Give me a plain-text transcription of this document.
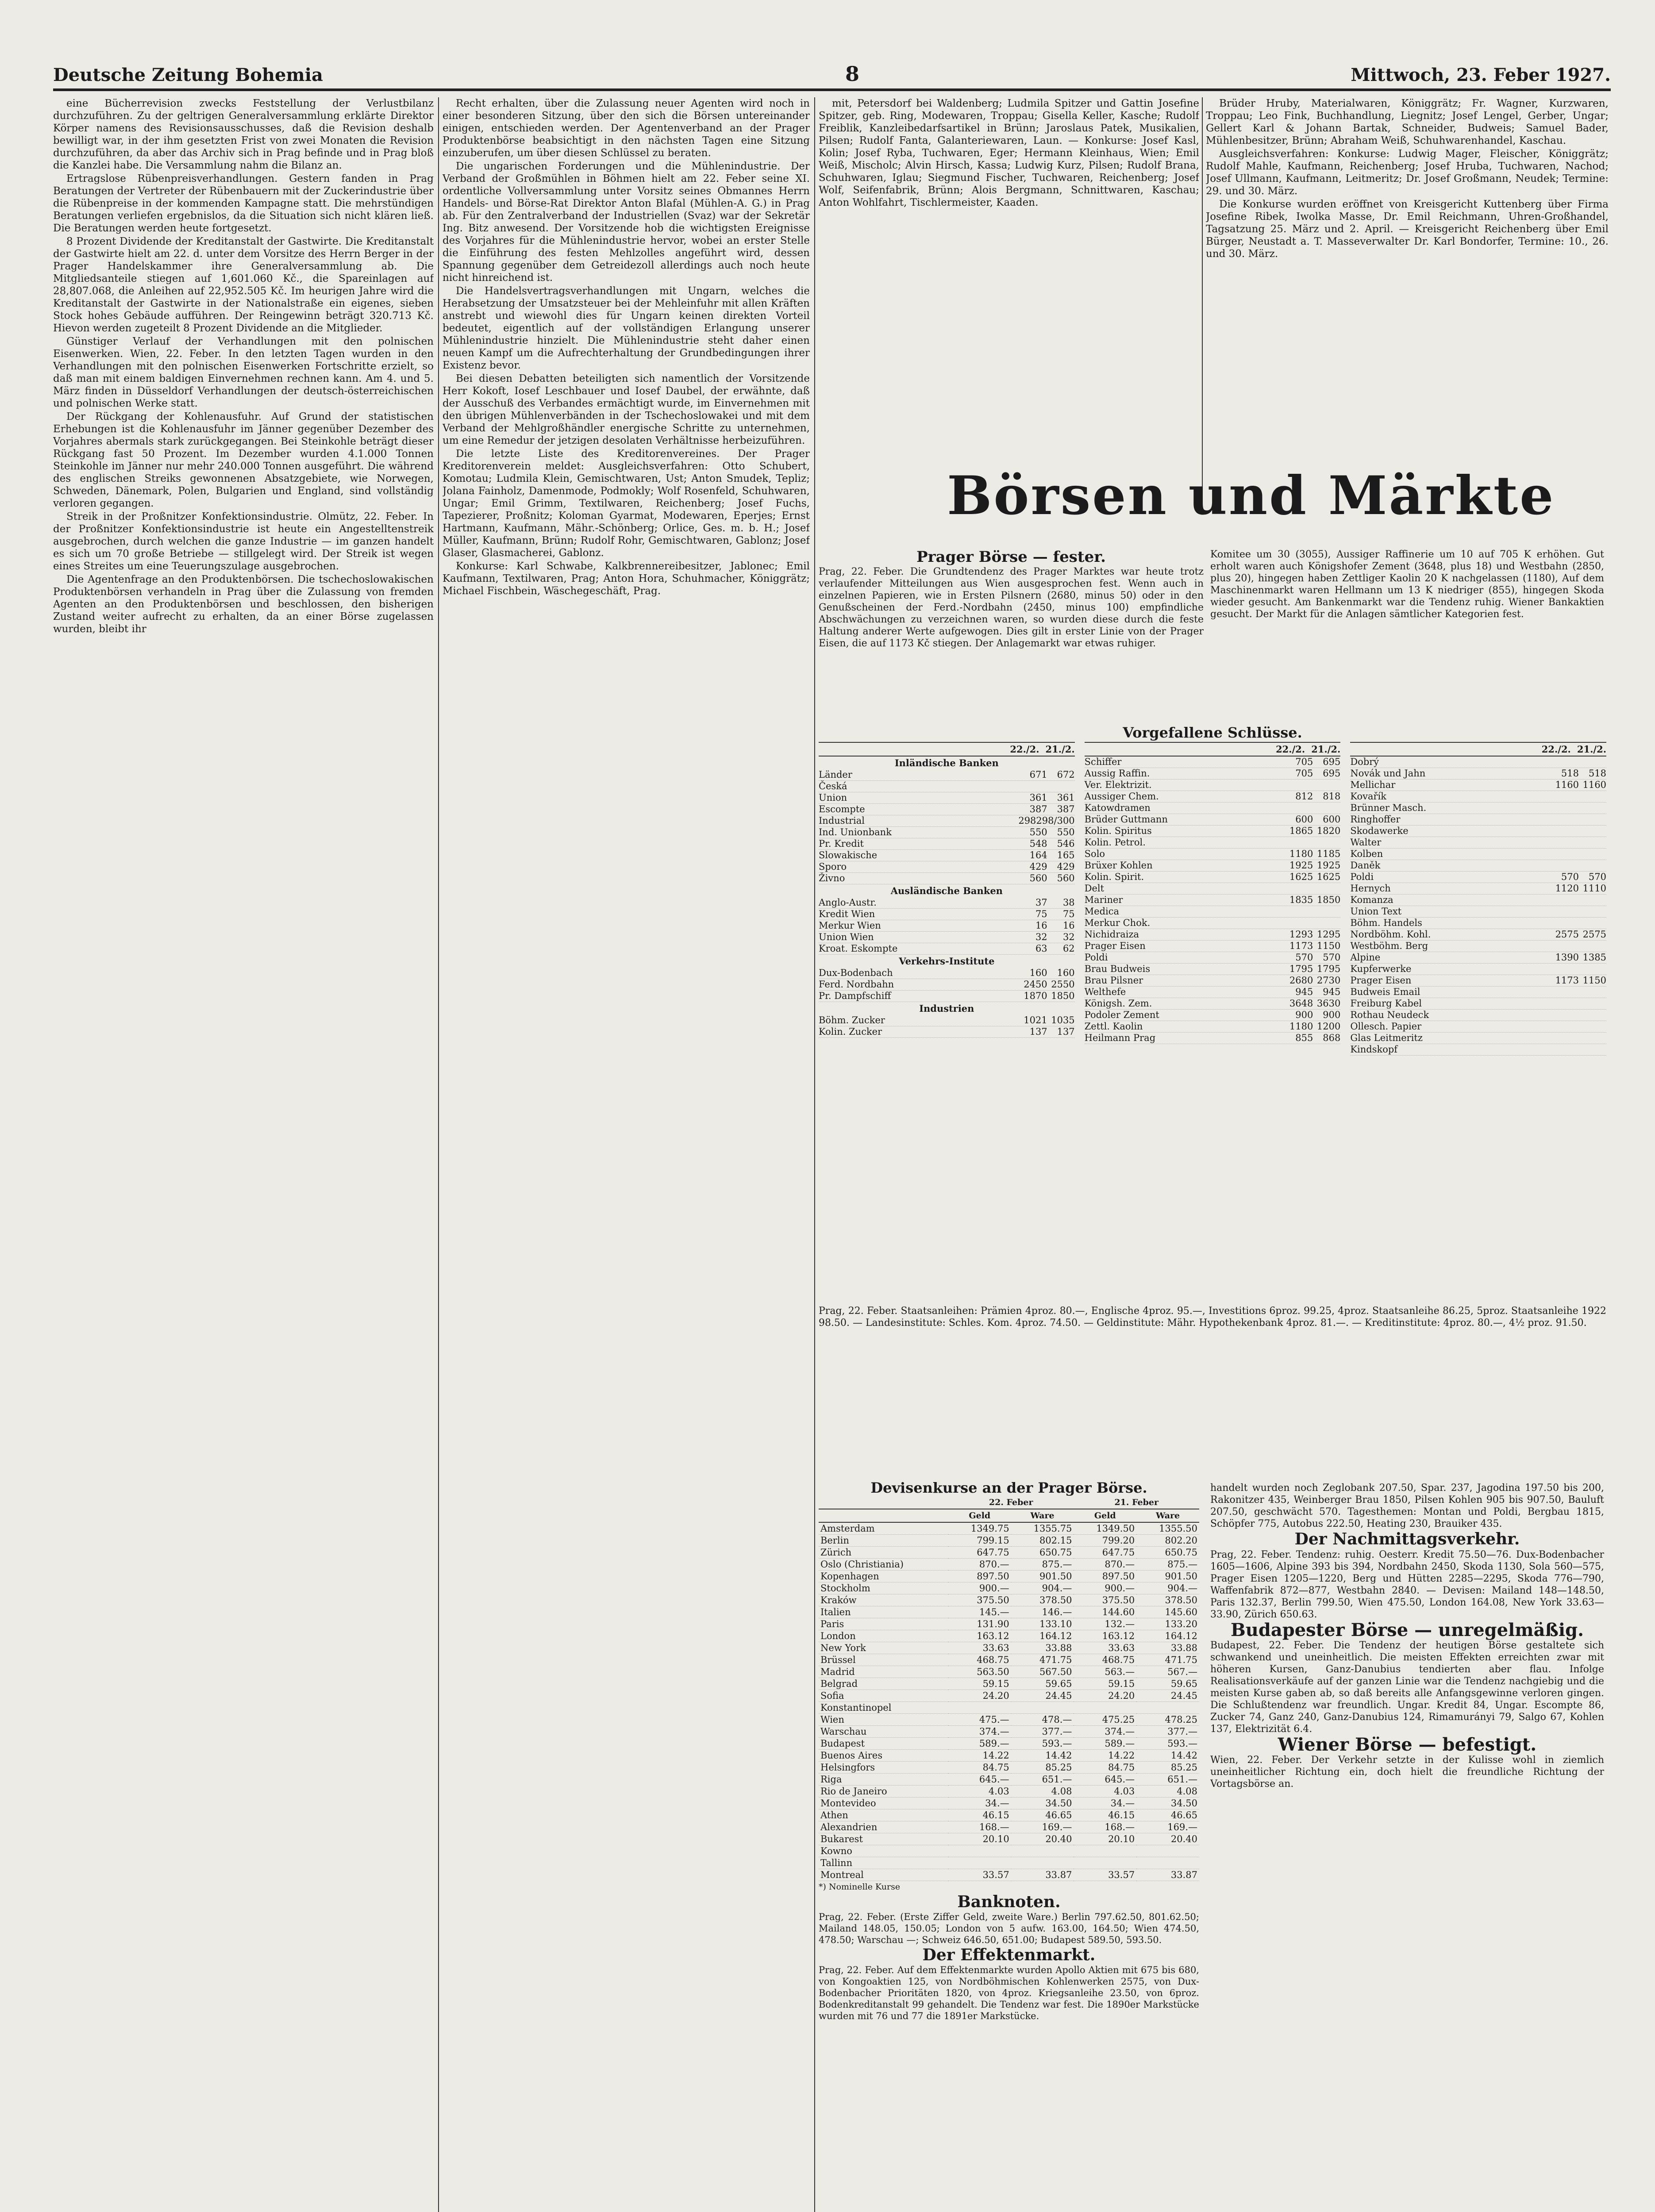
Deutsche Zeitung Bohemia	8	Mittwoch, 23. Feber 1927.

eine Bücherrevision zwecks Feststellung der Verlustbilanz durchzuführen. Zu der geltrigen Generalversammlung erklärte Direktor Körper namens des Revisionsausschusses, daß die Revision deshalb bewilligt war, in der ihm gesetzten Frist von zwei Monaten die Revision durchzuführen, da aber das Archiv sich in Prag befinde und in Prag bloß die Kanzlei habe. Die Versammlung nahm die Bilanz an.

Ertragslose Rübenpreisverhandlungen. Gestern fanden in Prag Beratungen der Vertreter der Rübenbauern mit der Zuckerindustrie über die Rübenpreise in der kommenden Kampagne statt. Die mehrstündigen Beratungen verliefen ergebnislos, da die Situation sich nicht klären ließ. Die Beratungen werden heute fortgesetzt.

8 Prozent Dividende der Kreditanstalt der Gastwirte. Die Kreditanstalt der Gastwirte hielt am 22. d. unter dem Vorsitze des Herrn Berger in der Prager Handelskammer ihre Generalversammlung ab. Die Mitgliedsanteile stiegen auf 1,601.060 Kč., die Spareinlagen auf 28,807.068, die Anleihen auf 22,952.505 Kč. Im heurigen Jahre wird die Kreditanstalt der Gastwirte in der Nationalstraße ein eigenes, sieben Stock hohes Gebäude aufführen. Der Reingewinn beträgt 320.713 Kč. Hievon werden zugeteilt 8 Prozent Dividende an die Mitglieder.

Günstiger Verlauf der Verhandlungen mit den polnischen Eisenwerken. Wien, 22. Feber. In den letzten Tagen wurden in den Verhandlungen mit den polnischen Eisenwerken Fortschritte erzielt, so daß man mit einem baldigen Einvernehmen rechnen kann. Am 4. und 5. März finden in Düsseldorf Verhandlungen der deutsch-österreichischen und polnischen Werke statt.

Der Rückgang der Kohlenausfuhr. Auf Grund der statistischen Erhebungen ist die Kohlenausfuhr im Jänner gegenüber Dezember des Vorjahres abermals stark zurückgegangen. Bei Steinkohle beträgt dieser Rückgang fast 50 Prozent. Im Dezember wurden 4.1.000 Tonnen Steinkohle im Jänner nur mehr 240.000 Tonnen ausgeführt. Die während des englischen Streiks gewonnenen Absatzgebiete, wie Norwegen, Schweden, Dänemark, Polen, Bulgarien und England, sind vollständig verloren gegangen.

Streik in der Proßnitzer Konfektionsindustrie. Olmütz, 22. Feber. In der Proßnitzer Konfektionsindustrie ist heute ein Angestelltenstreik ausgebrochen, durch welchen die ganze Industrie — im ganzen handelt es sich um 70 große Betriebe — stillgelegt wird. Der Streik ist wegen eines Streites um eine Teuerungszulage ausgebrochen.

Die Agentenfrage an den Produktenbörsen. Die tschechoslowakischen Produktenbörsen verhandeln in Prag über die Zulassung von fremden Agenten an den Produktenbörsen und beschlossen, den bisherigen Zustand weiter aufrecht zu erhalten, da an einer Börse zugelassen wurden, bleibt ihr

Recht erhalten, über die Zulassung neuer Agenten wird noch in einer besonderen Sitzung, über den sich die Börsen untereinander einigen, entschieden werden. Der Agentenverband an der Prager Produktenbörse beabsichtigt in den nächsten Tagen eine Sitzung einzuberufen, um über diesen Schlüssel zu beraten.

Die ungarischen Forderungen und die Mühlenindustrie. Der Verband der Großmühlen in Böhmen hielt am 22. Feber seine XI. ordentliche Vollversammlung unter Vorsitz seines Obmannes Herrn Handels- und Börse-Rat Direktor Anton Blafal (Mühlen-A. G.) in Prag ab. Für den Zentralverband der Industriellen (Svaz) war der Sekretär Ing. Bitz anwesend. Der Vorsitzende hob die wichtigsten Ereignisse des Vorjahres für die Mühlenindustrie hervor, wobei an erster Stelle die Einführung des festen Mehlzolles angeführt wird, dessen Spannung gegenüber dem Getreidezoll allerdings auch noch heute nicht hinreichend ist.

Die Handelsvertragsverhandlungen mit Ungarn, welches die Herabsetzung der Umsatzsteuer bei der Mehleinfuhr mit allen Kräften anstrebt und wiewohl dies für Ungarn keinen direkten Vorteil bedeutet, eigentlich auf der vollständigen Erlangung unserer Mühlenindustrie hinzielt. Die Mühlenindustrie steht daher einen neuen Kampf um die Aufrechterhaltung der Grundbedingungen ihrer Existenz bevor.

Bei diesen Debatten beteiligten sich namentlich der Vorsitzende Herr Kokoft, Iosef Leschbauer und Iosef Daubel, der erwähnte, daß der Ausschuß des Verbandes ermächtigt wurde, im Einvernehmen mit den übrigen Mühlenverbänden in der Tschechoslowakei und mit dem Verband der Mehlgroßhändler energische Schritte zu unternehmen, um eine Remedur der jetzigen desolaten Verhältnisse herbeizuführen.

Die letzte Liste des Kreditorenvereines. Der Prager Kreditorenverein meldet: Ausgleichsverfahren: Otto Schubert, Komotau; Ludmila Klein, Gemischtwaren, Ust; Anton Smudek, Tepliz; Jolana Fainholz, Damenmode, Podmokly; Wolf Rosenfeld, Schuhwaren, Ungar; Emil Grimm, Textilwaren, Reichenberg; Josef Fuchs, Tapezierer, Proßnitz; Koloman Gyarmat, Modewaren, Eperjes; Ernst Hartmann, Kaufmann, Mähr.-Schönberg; Orlice, Ges. m. b. H.; Josef Müller, Kaufmann, Brünn; Rudolf Rohr, Gemischtwaren, Gablonz; Josef Glaser, Glasmacherei, Gablonz.

Konkurse: Karl Schwabe, Kalkbrennereibesitzer, Jablonec; Emil Kaufmann, Textilwaren, Prag; Anton Hora, Schuhmacher, Königgrätz; Michael Fischbein, Wäschegeschäft, Prag.

mit, Petersdorf bei Waldenberg; Ludmila Spitzer und Gattin Josefine Spitzer, geb. Ring, Modewaren, Troppau; Gisella Keller, Kasche; Rudolf Freiblik, Kanzleibedarfsartikel in Brünn; Jaroslaus Patek, Musikalien, Pilsen; Rudolf Fanta, Galanteriewaren, Laun. — Konkurse: Josef Kasl, Kolin; Josef Ryba, Tuchwaren, Eger; Hermann Kleinhaus, Wien; Emil Weiß, Mischolc; Alvin Hirsch, Kassa; Ludwig Kurz, Pilsen; Rudolf Brana, Schuhwaren, Iglau; Siegmund Fischer, Tuchwaren, Reichenberg; Josef Wolf, Seifenfabrik, Brünn; Alois Bergmann, Schnittwaren, Kaschau; Anton Wohlfahrt, Tischlermeister, Kaaden.

Brüder Hruby, Materialwaren, Königgrätz; Fr. Wagner, Kurzwaren, Troppau; Leo Fink, Buchhandlung, Liegnitz; Josef Lengel, Gerber, Ungar; Gellert Karl & Johann Bartak, Schneider, Budweis; Samuel Bader, Mühlenbesitzer, Brünn; Abraham Weiß, Schuhwarenhandel, Kaschau.

Ausgleichsverfahren: Konkurse: Ludwig Mager, Fleischer, Königgrätz; Rudolf Mahle, Kaufmann, Reichenberg; Josef Hruba, Tuchwaren, Nachod; Josef Ullmann, Kaufmann, Leitmeritz; Dr. Josef Großmann, Neudek; Termine: 29. und 30. März.

Die Konkurse wurden eröffnet von Kreisgericht Kuttenberg über Firma Josefine Ribek, Iwolka Masse, Dr. Emil Reichmann, Uhren-Großhandel, Tagsatzung 25. März und 2. April. — Kreisgericht Reichenberg über Emil Bürger, Neustadt a. T. Masseverwalter Dr. Karl Bondorfer, Termine: 10., 26. und 30. März.

Börsen und Märkte
Prager Börse — fester.
Prag, 22. Feber. Die Grundtendenz des Prager Marktes war heute trotz verlaufender Mitteilungen aus Wien ausgesprochen fest. Wenn auch in einzelnen Papieren, wie in Ersten Pilsnern (2680, minus 50) oder in den Genußscheinen der Ferd.-Nordbahn (2450, minus 100) empfindliche Abschwächungen zu verzeichnen waren, so wurden diese durch die feste Haltung anderer Werte aufgewogen. Dies gilt in erster Linie von der Prager Eisen, die auf 1173 Kč stiegen. Der Anlagemarkt war etwas ruhiger.
Komitee um 30 (3055), Aussiger Raffinerie um 10 auf 705 K erhöhen. Gut erholt waren auch Königshofer Zement (3648, plus 18) und Westbahn (2850, plus 20), hingegen haben Zettliger Kaolin 20 K nachgelassen (1180), Auf dem Maschinenmarkt waren Hellmann um 13 K niedriger (855), hingegen Skoda wieder gesucht. Am Bankenmarkt war die Tendenz ruhig. Wiener Bankaktien gesucht. Der Markt für die Anlagen sämtlicher Kategorien fest.
Vorgefallene Schlüsse.
22./2. 21./2.
Inländische Banken
Länder	671	672
Česká
Union	361	361
Escompte	387	387
Industrial	298 298/300
Ind. Unionbank	550	550
Pr. Kredit	548	546
Slowakische	164	165
Sporo	429	429
Živno	560	560
Ausländische Banken
Anglo-Austr.	37	38
Kredit Wien	75	75
Merkur Wien	16	16
Union Wien	32	32
Kroat. Eskompte	63	62
Verkehrs-Institute
Dux-Bodenbach	160	160
Ferd. Nordbahn	2450 2550
Pr. Dampfschiff	1870 1850
Industrien
Böhm. Zucker	1021 1035
Kolin. Zucker	137	137
22./2. 21./2.
Schiffer	705	695
Aussig Raffin.	705	695
Ver. Elektrizit.
Aussiger Chem.	812	818
Katowdramen
Brüder Guttmann	600	600
Kolin. Spiritus	1865 1820
Kolin. Petrol.
Solo	1180 1185
Brüxer Kohlen	1925 1925
Kolin. Spirit.	1625 1625
Delt
Mariner	1835 1850
Medica
Merkur Chok.
Nichidraiza	1293 1295
Prager Eisen	1173 1150
Poldi	570	570
Brau Budweis	1795 1795
Brau Pilsner	2680 2730
Welthefe	945	945
Königsh. Zem.	3648 3630
Podoler Zement	900	900
Zettl. Kaolin	1180 1200
Heilmann Prag	855	868
22./2. 21./2.
Dobrý
Novák und Jahn	518	518
Mellichar	1160 1160
Kovařík
Brünner Masch.
Ringhoffer
Skodawerke
Walter
Kolben
Daněk
Poldi	570	570
Hernych	1120 1110
Komanza
Union Text
Böhm. Handels
Nordböhm. Kohl.	2575 2575
Westböhm. Berg
Alpine	1390 1385
Kupferwerke
Prager Eisen	1173 1150
Budweis Email
Freiburg Kabel
Rothau Neudeck
Ollesch. Papier
Glas Leitmeritz
Kindskopf
Prag, 22. Feber. Staatsanleihen: Prämien 4proz. 80.—, Englische 4proz. 95.—, Investitions 6proz. 99.25, 4proz. Staatsanleihe 86.25, 5proz. Staatsanleihe 1922 98.50. — Landesinstitute: Schles. Kom. 4proz. 74.50. — Geldinstitute: Mähr. Hypothekenbank 4proz. 81.—. — Kreditinstitute: 4proz. 80.—, 4½ proz. 91.50.
Devisenkurse an der Prager Börse.
	22. Feber		21. Feber	
	Geld	Ware	Geld	Ware
Amsterdam	1349.75	1355.75	1349.50	1355.50
Berlin	799.15	802.15	799.20	802.20
Zürich	647.75	650.75	647.75	650.75
Oslo (Christiania)	870.—	875.—	870.—	875.—
Kopenhagen	897.50	901.50	897.50	901.50
Stockholm	900.—	904.—	900.—	904.—
Kraków	375.50	378.50	375.50	378.50
Italien	145.—	146.—	144.60	145.60
Paris	131.90	133.10	132.—	133.20
London	163.12	164.12	163.12	164.12
New York	33.63	33.88	33.63	33.88
Brüssel	468.75	471.75	468.75	471.75
Madrid	563.50	567.50	563.—	567.—
Belgrad	59.15	59.65	59.15	59.65
Sofia	24.20	24.45	24.20	24.45
Konstantinopel				
Wien	475.—	478.—	475.25	478.25
Warschau	374.—	377.—	374.—	377.—
Budapest	589.—	593.—	589.—	593.—
Buenos Aires	14.22	14.42	14.22	14.42
Helsingfors	84.75	85.25	84.75	85.25
Riga	645.—	651.—	645.—	651.—
Rio de Janeiro	4.03	4.08	4.03	4.08
Montevideo	34.—	34.50	34.—	34.50
Athen	46.15	46.65	46.15	46.65
Alexandrien	168.—	169.—	168.—	169.—
Bukarest	20.10	20.40	20.10	20.40
Kowno				
Tallinn				
Montreal	33.57	33.87	33.57	33.87
*) Nominelle Kurse
Banknoten.
Prag, 22. Feber. (Erste Ziffer Geld, zweite Ware.) Berlin 797.62.50, 801.62.50; Mailand 148.05, 150.05; London von 5 aufw. 163.00, 164.50; Wien 474.50, 478.50; Warschau —; Schweiz 646.50, 651.00; Budapest 589.50, 593.50.
Der Effektenmarkt.
Prag, 22. Feber. Auf dem Effektenmarkte wurden Apollo Aktien mit 675 bis 680, von Kongoaktien 125, von Nordböhmischen Kohlenwerken 2575, von Dux-Bodenbacher Prioritäten 1820, von 4proz. Kriegsanleihe 23.50, von 6proz. Bodenkreditanstalt 99 gehandelt. Die Tendenz war fest. Die 1890er Markstücke wurden mit 76 und 77 die 1891er Markstücke.
handelt wurden noch Zeglobank 207.50, Spar. 237, Jagodina 197.50 bis 200, Rakonitzer 435, Weinberger Brau 1850, Pilsen Kohlen 905 bis 907.50, Bauluft 207.50, geschwächt 570. Tagesthemen: Montan und Poldi, Bergbau 1815, Schöpfer 775, Autobus 222.50, Heating 230, Brauiker 435.
Der Nachmittagsverkehr.
Prag, 22. Feber. Tendenz: ruhig. Oesterr. Kredit 75.50—76. Dux-Bodenbacher 1605—1606, Alpine 393 bis 394, Nordbahn 2450, Skoda 1130, Sola 560—575, Prager Eisen 1205—1220, Berg und Hütten 2285—2295, Skoda 776—790, Waffenfabrik 872—877, Westbahn 2840. — Devisen: Mailand 148—148.50, Paris 132.37, Berlin 799.50, Wien 475.50, London 164.08, New York 33.63—33.90, Zürich 650.63.
Budapester Börse — unregelmäßig.
Budapest, 22. Feber. Die Tendenz der heutigen Börse gestaltete sich schwankend und uneinheitlich. Die meisten Effekten erreichten zwar mit höheren Kursen, Ganz-Danubius tendierten aber flau. Infolge Realisationsverkäufe auf der ganzen Linie war die Tendenz nachgiebig und die meisten Kurse gaben ab, so daß bereits alle Anfangsgewinne verloren gingen. Die Schlußtendenz war freundlich. Ungar. Kredit 84, Ungar. Escompte 86, Zucker 74, Ganz 240, Ganz-Danubius 124, Rimamurányi 79, Salgo 67, Kohlen 137, Elektrizität 6.4.
Wiener Börse — befestigt.
Wien, 22. Feber. Der Verkehr setzte in der Kulisse wohl in ziemlich uneinheitlicher Richtung ein, doch hielt die freundliche Richtung der Vortagsbörse an.
